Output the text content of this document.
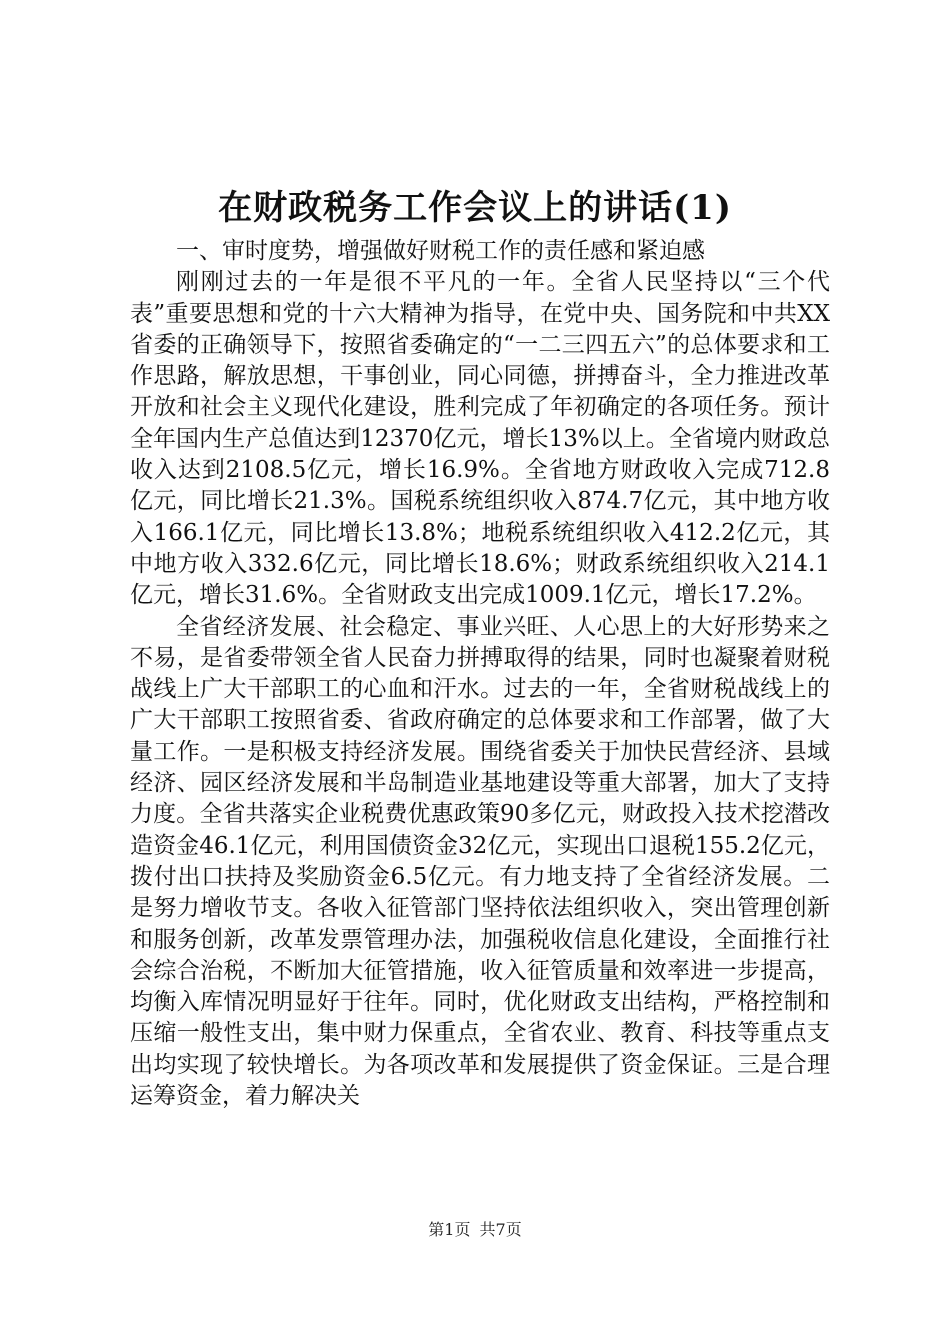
在财政税务工作会议上的讲话(1)

一、审时度势，增强做好财税工作的责任感和紧迫感

刚刚过去的一年是很不平凡的一年。全省人民坚持以“三个代表”重要思想和党的十六大精神为指导，在党中央、国务院和中共XX省委的正确领导下，按照省委确定的“一二三四五六”的总体要求和工作思路，解放思想，干事创业，同心同德，拼搏奋斗，全力推进改革开放和社会主义现代化建设，胜利完成了年初确定的各项任务。预计全年国内生产总值达到12370亿元，增长13%以上。全省境内财政总收入达到2108.5亿元，增长16.9%。全省地方财政收入完成712.8亿元，同比增长21.3%。国税系统组织收入874.7亿元，其中地方收入166.1亿元，同比增长13.8%；地税系统组织收入412.2亿元，其中地方收入332.6亿元，同比增长18.6%；财政系统组织收入214.1亿元，增长31.6%。全省财政支出完成1009.1亿元，增长17.2%。

全省经济发展、社会稳定、事业兴旺、人心思上的大好形势来之不易，是省委带领全省人民奋力拼搏取得的结果，同时也凝聚着财税战线上广大干部职工的心血和汗水。过去的一年，全省财税战线上的广大干部职工按照省委、省政府确定的总体要求和工作部署，做了大量工作。一是积极支持经济发展。围绕省委关于加快民营经济、县域经济、园区经济发展和半岛制造业基地建设等重大部署，加大了支持力度。全省共落实企业税费优惠政策90多亿元，财政投入技术挖潜改造资金46.1亿元，利用国债资金32亿元，实现出口退税155.2亿元，拨付出口扶持及奖励资金6.5亿元。有力地支持了全省经济发展。二是努力增收节支。各收入征管部门坚持依法组织收入，突出管理创新和服务创新，改革发票管理办法，加强税收信息化建设，全面推行社会综合治税，不断加大征管措施，收入征管质量和效率进一步提高，均衡入库情况明显好于往年。同时，优化财政支出结构，严格控制和压缩一般性支出，集中财力保重点，全省农业、教育、科技等重点支出均实现了较快增长。为各项改革和发展提供了资金保证。三是合理运筹资金，着力解决关

第1页 共7页
